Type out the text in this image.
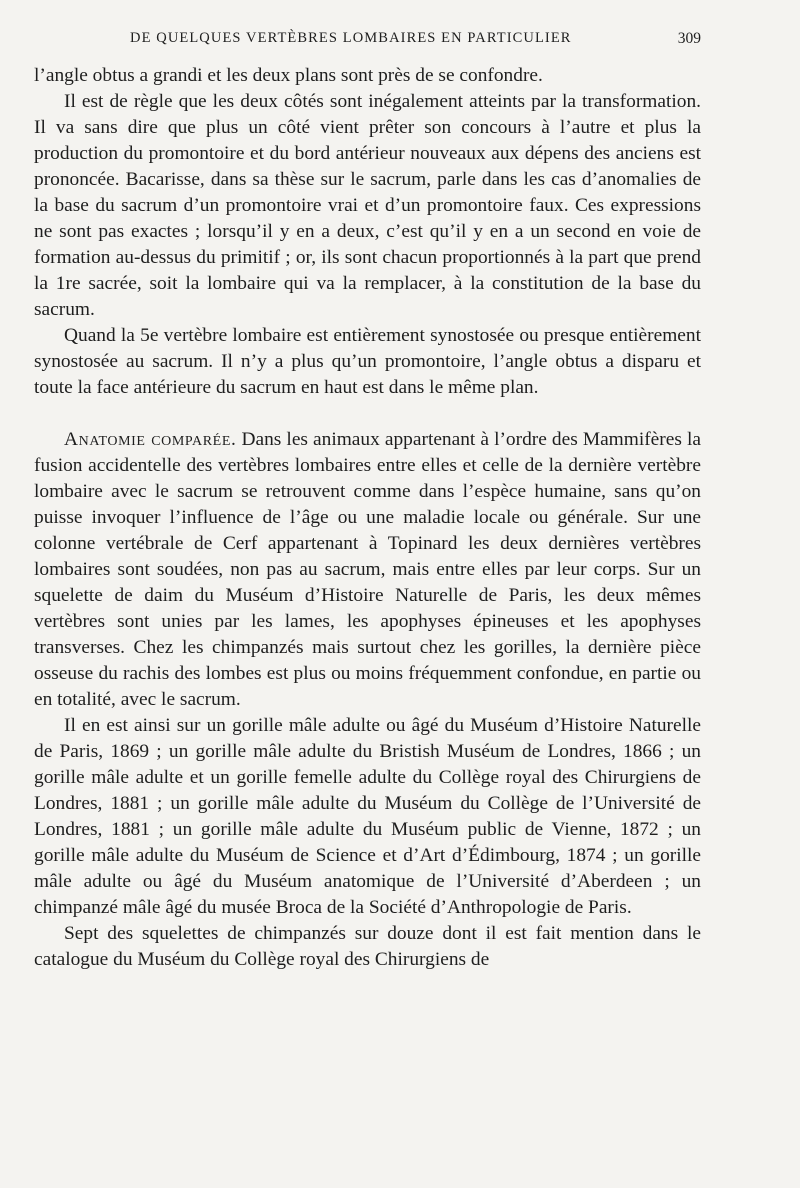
DE QUELQUES VERTÈBRES LOMBAIRES EN PARTICULIER	309

l’angle obtus a grandi et les deux plans sont près de se confondre.

Il est de règle que les deux côtés sont inégalement atteints par la transformation. Il va sans dire que plus un côté vient prêter son concours à l’autre et plus la production du promontoire et du bord antérieur nouveaux aux dépens des anciens est prononcée. Bacarisse, dans sa thèse sur le sacrum, parle dans les cas d’anomalies de la base du sacrum d’un promontoire vrai et d’un promontoire faux. Ces expressions ne sont pas exactes ; lorsqu’il y en a deux, c’est qu’il y en a un second en voie de formation au-dessus du primitif ; or, ils sont chacun proportionnés à la part que prend la 1re sacrée, soit la lombaire qui va la remplacer, à la constitution de la base du sacrum.

Quand la 5e vertèbre lombaire est entièrement synostosée ou presque entièrement synostosée au sacrum. Il n’y a plus qu’un promontoire, l’angle obtus a disparu et toute la face antérieure du sacrum en haut est dans le même plan.

Anatomie comparée. Dans les animaux appartenant à l’ordre des Mammifères la fusion accidentelle des vertèbres lombaires entre elles et celle de la dernière vertèbre lombaire avec le sacrum se retrouvent comme dans l’espèce humaine, sans qu’on puisse invoquer l’influence de l’âge ou une maladie locale ou générale. Sur une colonne vertébrale de Cerf appartenant à Topinard les deux dernières vertèbres lombaires sont soudées, non pas au sacrum, mais entre elles par leur corps. Sur un squelette de daim du Muséum d’Histoire Naturelle de Paris, les deux mêmes vertèbres sont unies par les lames, les apophyses épineuses et les apophyses transverses. Chez les chimpanzés mais surtout chez les gorilles, la dernière pièce osseuse du rachis des lombes est plus ou moins fréquemment confondue, en partie ou en totalité, avec le sacrum.

Il en est ainsi sur un gorille mâle adulte ou âgé du Muséum d’Histoire Naturelle de Paris, 1869 ; un gorille mâle adulte du Bristish Muséum de Londres, 1866 ; un gorille mâle adulte et un gorille femelle adulte du Collège royal des Chirurgiens de Londres, 1881 ; un gorille mâle adulte du Muséum du Collège de l’Université de Londres, 1881 ; un gorille mâle adulte du Muséum public de Vienne, 1872 ; un gorille mâle adulte du Muséum de Science et d’Art d’Édimbourg, 1874 ; un gorille mâle adulte ou âgé du Muséum anatomique de l’Université d’Aberdeen ; un chimpanzé mâle âgé du musée Broca de la Société d’Anthropologie de Paris.

Sept des squelettes de chimpanzés sur douze dont il est fait mention dans le catalogue du Muséum du Collège royal des Chirurgiens de
